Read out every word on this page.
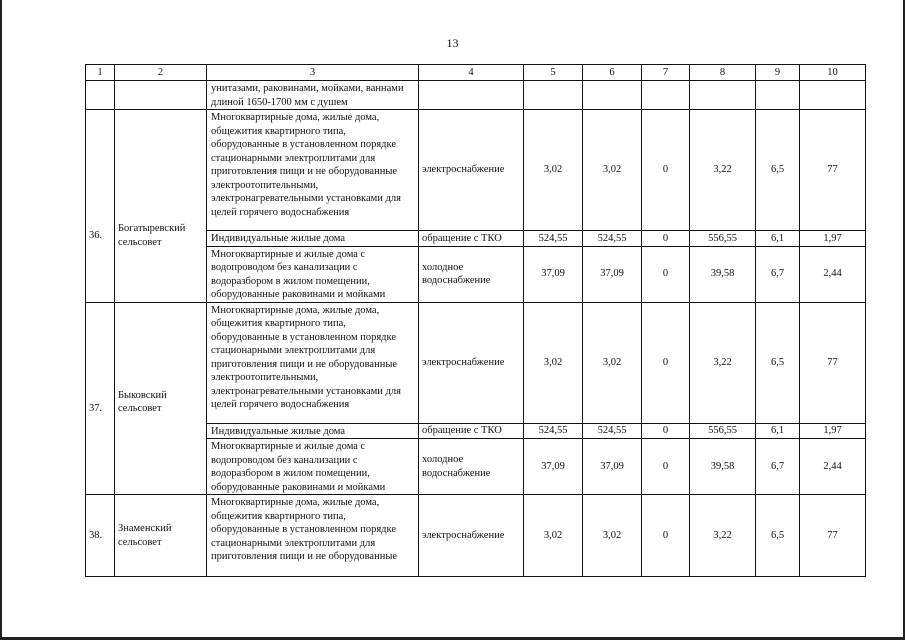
13
1	2	3	4	5	6	7	8	9	10
		унитазами, раковинами, мойками, ваннами длиной 1650-1700 мм с душем							
36.	Богатыревский сельсовет	Многоквартирные дома, жилые дома, общежития квартирного типа, оборудованные в установленном порядке стационарными электроплитами для приготовления пищи и не оборудованные электроотопительными, электронагревательными установками для целей горячего водоснабжения	электроснабжение	3,02	3,02	0	3,22	6,5	77
		Индивидуальные жилые дома	обращение с ТКО	524,55	524,55	0	556,55	6,1	1,97
		Многоквартирные и жилые дома с водопроводом без канализации с водоразбором в жилом помещении, оборудованные раковинами и мойками	холодное водоснабжение	37,09	37,09	0	39,58	6,7	2,44
37.	Быковский сельсовет	Многоквартирные дома, жилые дома, общежития квартирного типа, оборудованные в установленном порядке стационарными электроплитами для приготовления пищи и не оборудованные электроотопительными, электронагревательными установками для целей горячего водоснабжения	электроснабжение	3,02	3,02	0	3,22	6,5	77
		Индивидуальные жилые дома	обращение с ТКО	524,55	524,55	0	556,55	6,1	1,97
		Многоквартирные и жилые дома с водопроводом без канализации с водоразбором в жилом помещении, оборудованные раковинами и мойками	холодное водоснабжение	37,09	37,09	0	39,58	6,7	2,44
38.	Знаменский сельсовет	Многоквартирные дома, жилые дома, общежития квартирного типа, оборудованные в установленном порядке стационарными электроплитами для приготовления пищи и не оборудованные	электроснабжение	3,02	3,02	0	3,22	6,5	77
